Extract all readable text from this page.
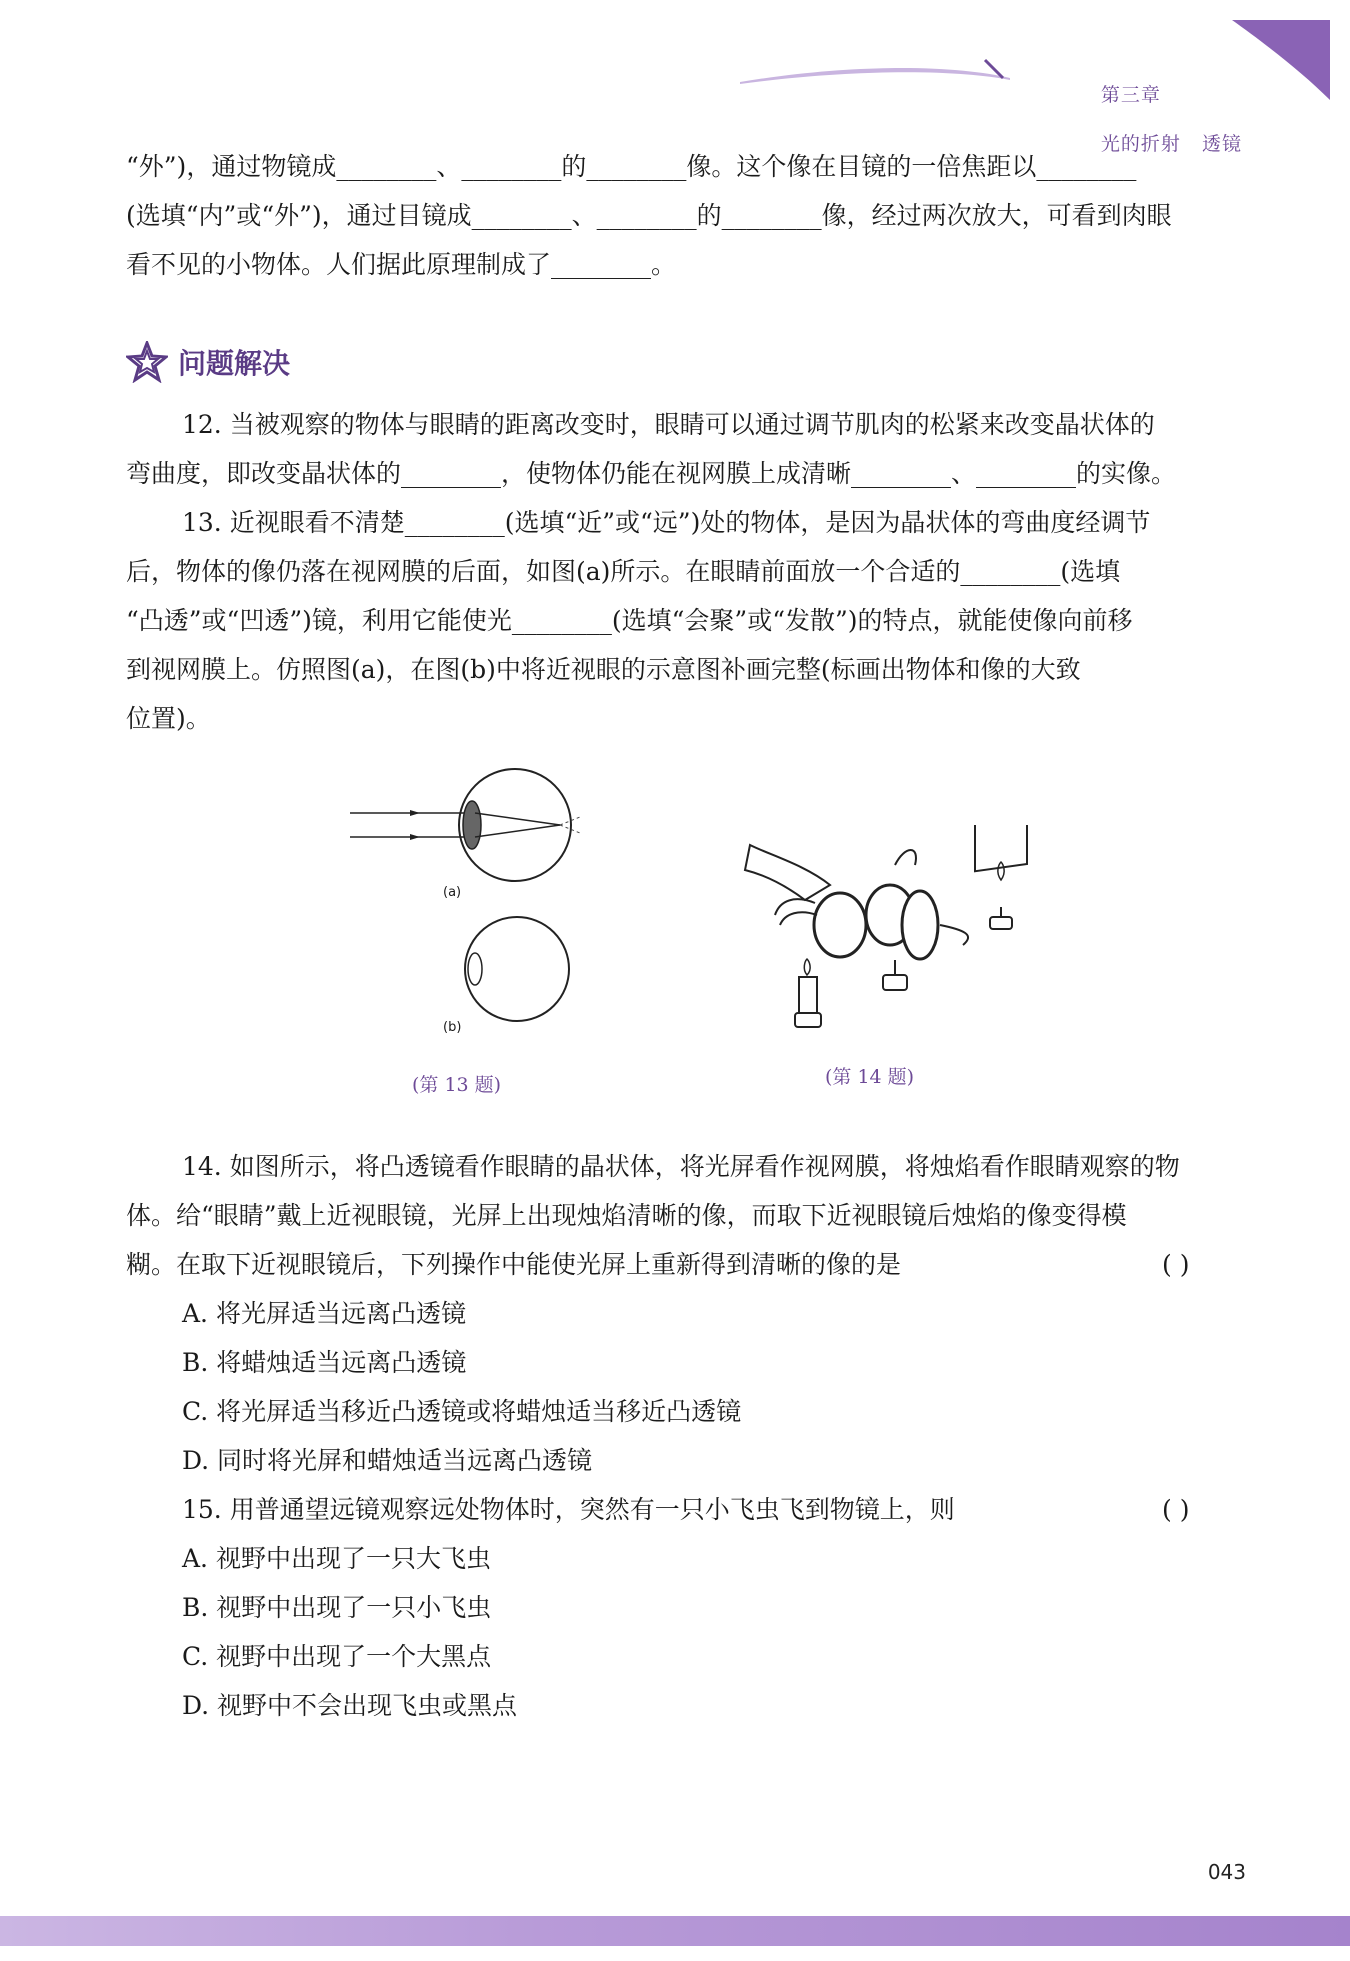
第三章

光的折射   透镜

“外”)，通过物镜成________、________的________像。这个像在目镜的一倍焦距以________
(选填“内”或“外”)，通过目镜成________、________的________像，经过两次放大，可看到肉眼
看不见的小物体。人们据此原理制成了________。
问题解决
12. 当被观察的物体与眼睛的距离改变时，眼睛可以通过调节肌肉的松紧来改变晶状体的
弯曲度，即改变晶状体的________，使物体仍能在视网膜上成清晰________、________的实像。
13. 近视眼看不清楚________(选填“近”或“远”)处的物体，是因为晶状体的弯曲度经调节
后，物体的像仍落在视网膜的后面，如图(a)所示。在眼睛前面放一个合适的________(选填
“凸透”或“凹透”)镜，利用它能使光________(选填“会聚”或“发散”)的特点，就能使像向前移
到视网膜上。仿照图(a)，在图(b)中将近视眼的示意图补画完整(标画出物体和像的大致
位置)。
(a)
(b)
(第 13 题)	(第 14 题)
14. 如图所示，将凸透镜看作眼睛的晶状体，将光屏看作视网膜，将烛焰看作眼睛观察的物
体。给“眼睛”戴上近视眼镜，光屏上出现烛焰清晰的像，而取下近视眼镜后烛焰的像变得模
( )
糊。在取下近视眼镜后，下列操作中能使光屏上重新得到清晰的像的是
A. 将光屏适当远离凸透镜
B. 将蜡烛适当远离凸透镜
C. 将光屏适当移近凸透镜或将蜡烛适当移近凸透镜
D. 同时将光屏和蜡烛适当远离凸透镜
( )
15. 用普通望远镜观察远处物体时，突然有一只小飞虫飞到物镜上，则
A. 视野中出现了一只大飞虫
B. 视野中出现了一只小飞虫
C. 视野中出现了一个大黑点
D. 视野中不会出现飞虫或黑点
043
